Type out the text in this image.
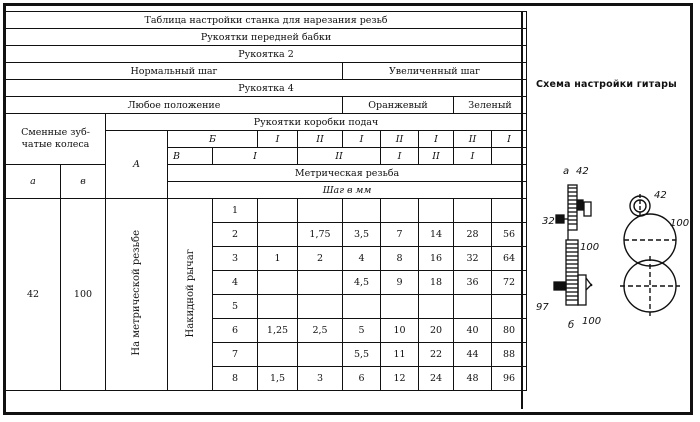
Таблица настройки станка для нарезания резьб											
Рукоятки передней бабки											
Рукоятка 2											
Нормальный шаг							Увеличенный шаг				
Рукоятка 4											
Любое положение							Оранжевый			Зеленый	
Сменные зуб- чатые колеса		Рукоятки коробки подач									
		А	Б		I	II	I	II	I	II	I
			В	I		II		I	II	I	
а	в		Метрическая резьба								
			Шаг в мм								
42	100	На метрической резьбе	Накидной рычаг	1							
				2		1,75	3,5	7	14	28	56
				3	1	2	4	8	16	32	64
				4			4,5	9	18	36	72
				5							
				6	1,25	2,5	5	10	20	40	80
				7			5,5	11	22	44	88
				8	1,5	3	6	12	24	48	96
Схема настройки гитары
а 42
32
100
97
б 100
42
100
